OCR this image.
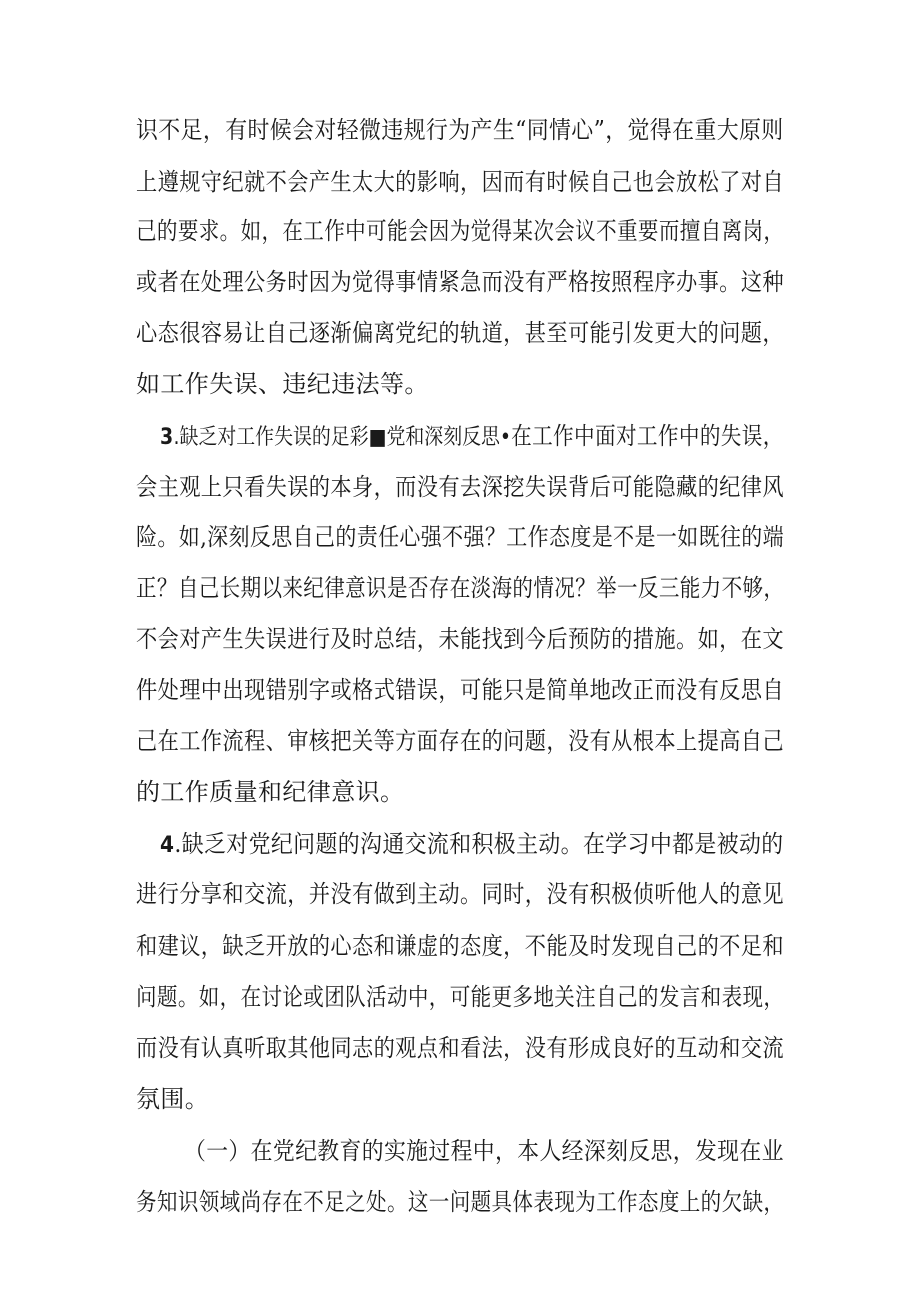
识不足，有时候会对轻微违规行为产生“同情心”，觉得在重大原则
上遵规守纪就不会产生太大的影响，因而有时候自己也会放松了对自
己的要求。如，在工作中可能会因为觉得某次会议不重要而擅自离岗，
或者在处理公务时因为觉得事情紧急而没有严格按照程序办事。这种
心态很容易让自己逐渐偏离党纪的轨道，甚至可能引发更大的问题，
如工作失误、违纪违法等。
3.缺乏对工作失误的足彩■党和深刻反思•在工作中面对工作中的失误，
会主观上只看失误的本身，而没有去深挖失误背后可能隐藏的纪律风
险。如,深刻反思自己的责任心强不强？工作态度是不是一如既往的端
正？自己长期以来纪律意识是否存在淡海的情况？举一反三能力不够，
不会对产生失误进行及时总结，未能找到今后预防的措施。如，在文
件处理中出现错别字或格式错误，可能只是简单地改正而没有反思自
己在工作流程、审核把关等方面存在的问题，没有从根本上提高自己
的工作质量和纪律意识。
4.缺乏对党纪问题的沟通交流和积极主动。在学习中都是被动的
进行分享和交流，并没有做到主动。同时，没有积极侦听他人的意见
和建议，缺乏开放的心态和谦虚的态度，不能及时发现自己的不足和
问题。如，在讨论或团队活动中，可能更多地关注自己的发言和表现，
而没有认真听取其他同志的观点和看法，没有形成良好的互动和交流
氛围。
（一）在党纪教育的实施过程中，本人经深刻反思，发现在业
务知识领域尚存在不足之处。这一问题具体表现为工作态度上的欠缺，
